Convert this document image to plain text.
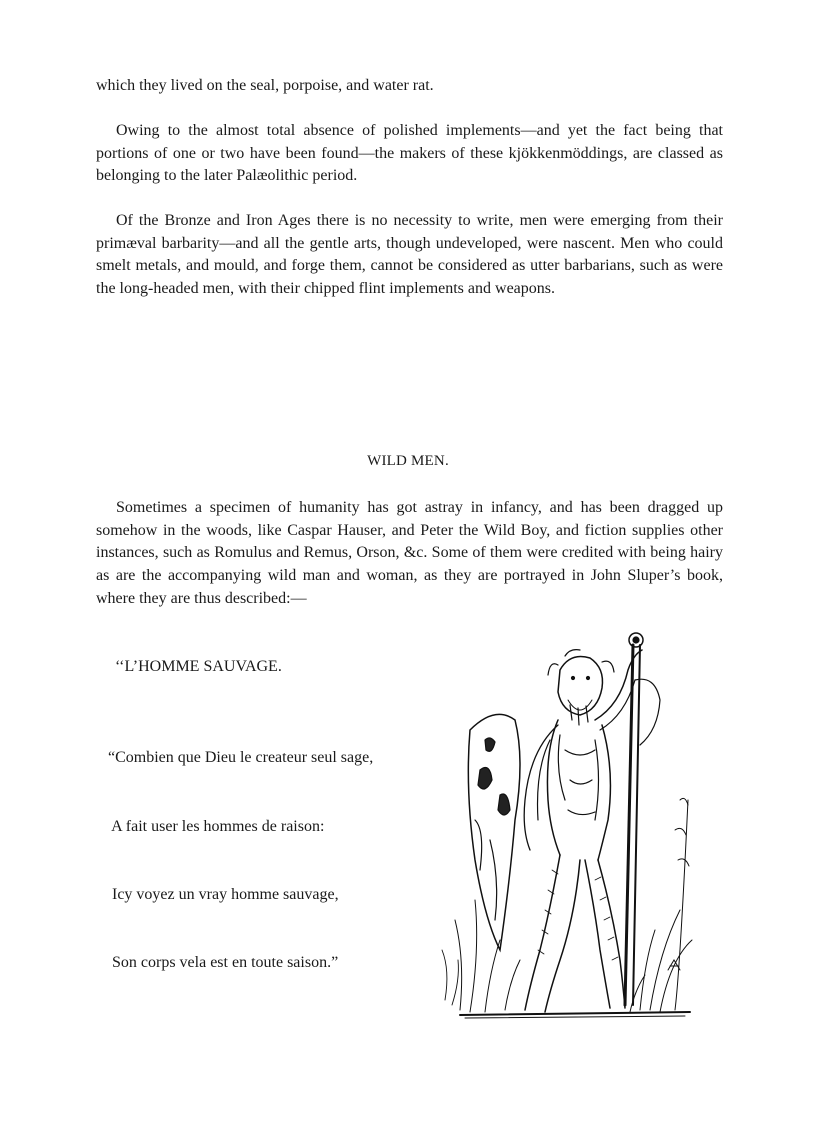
which they lived on the seal, porpoise, and water rat.

Owing to the almost total absence of polished implements—and yet the fact being that portions of one or two have been found—the makers of these kjökkenmöddings, are classed as belonging to the later Palæolithic period.

Of the Bronze and Iron Ages there is no necessity to write, men were emerging from their primæval barbarity—and all the gentle arts, though undeveloped, were nascent. Men who could smelt metals, and mould, and forge them, cannot be considered as utter barbarians, such as were the long-headed men, with their chipped flint implements and weapons.

WILD MEN.

Sometimes a specimen of humanity has got astray in infancy, and has been dragged up somehow in the woods, like Caspar Hauser, and Peter the Wild Boy, and fiction supplies other instances, such as Romulus and Remus, Orson, &c. Some of them were credited with being hairy as are the accompanying wild man and woman, as they are portrayed in John Sluper’s book, where they are thus described:—

‘‘L’HOMME SAUVAGE.

“Combien que Dieu le createur seul sage,

A fait user les hommes de raison:

Icy voyez un vray homme sauvage,

Son corps vela est en toute saison.”
